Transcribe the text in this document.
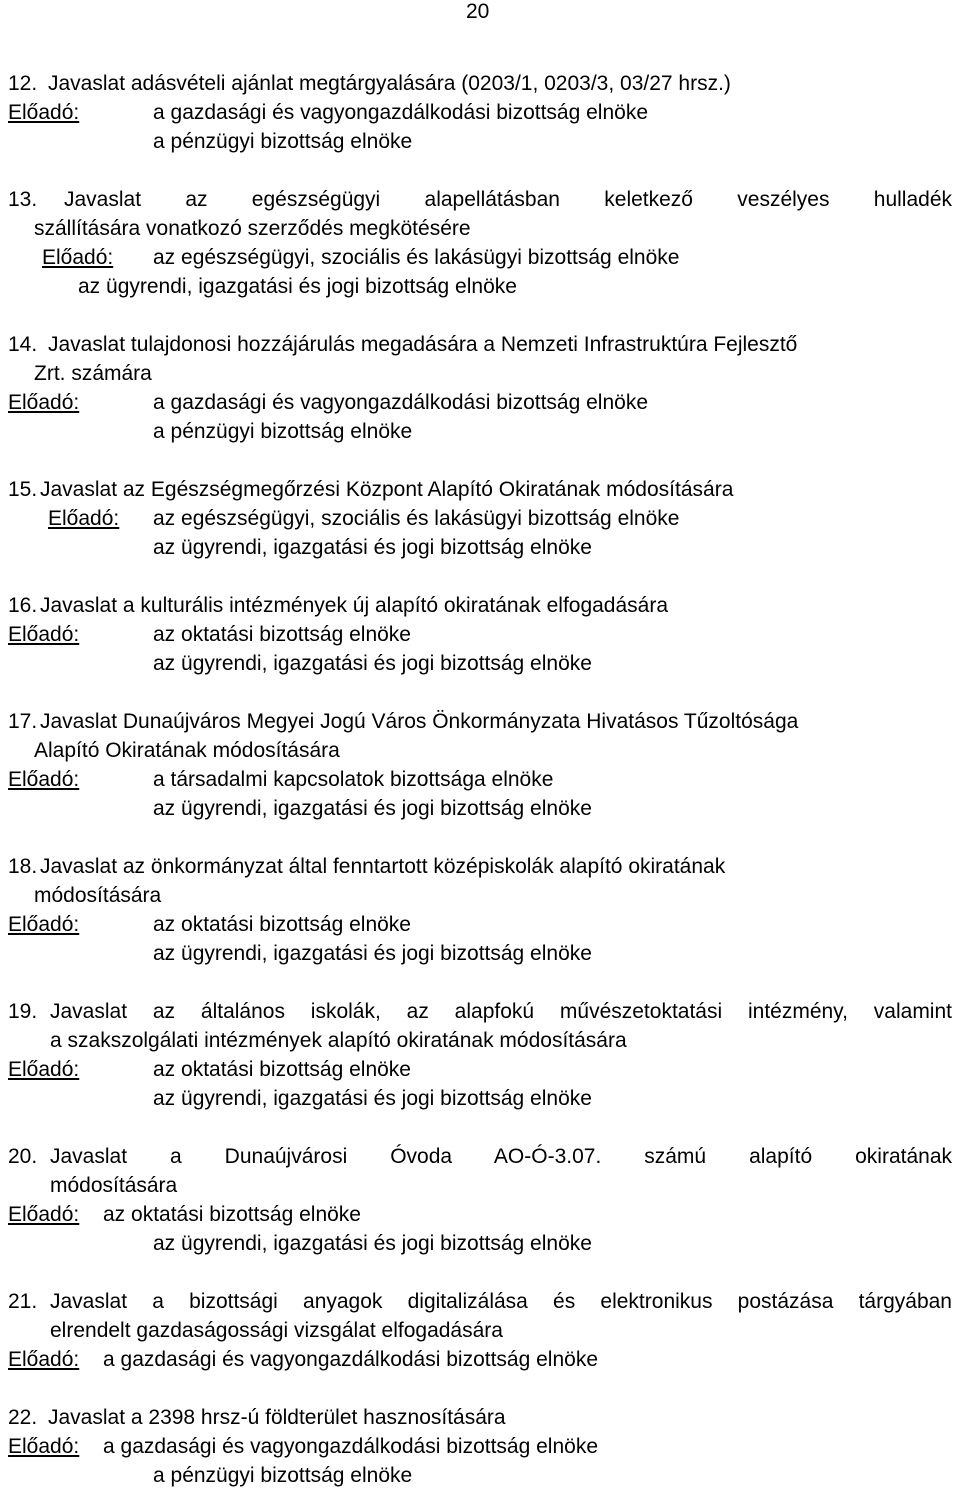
20
12. Javaslat adásvételi ajánlat megtárgyalására (0203/1, 0203/3, 03/27 hrsz.)
Előadó:	a gazdasági és vagyongazdálkodási bizottság elnöke
a pénzügyi bizottság elnöke
13. Javaslat az egészségügyi alapellátásban keletkező veszélyes hulladék
szállítására vonatkozó szerződés megkötésére
Előadó: az egészségügyi, szociális és lakásügyi bizottság elnöke
az ügyrendi, igazgatási és jogi bizottság elnöke
14. Javaslat tulajdonosi hozzájárulás megadására a Nemzeti Infrastruktúra Fejlesztő
Zrt. számára
Előadó:	a gazdasági és vagyongazdálkodási bizottság elnöke
a pénzügyi bizottság elnöke
15. Javaslat az Egészségmegőrzési Központ Alapító Okiratának módosítására
Előadó: az egészségügyi, szociális és lakásügyi bizottság elnöke
az ügyrendi, igazgatási és jogi bizottság elnöke
16. Javaslat a kulturális intézmények új alapító okiratának elfogadására
Előadó:	az oktatási bizottság elnöke
az ügyrendi, igazgatási és jogi bizottság elnöke
17. Javaslat Dunaújváros Megyei Jogú Város Önkormányzata Hivatásos Tűzoltósága
Alapító Okiratának módosítására
Előadó:	a társadalmi kapcsolatok bizottsága elnöke
az ügyrendi, igazgatási és jogi bizottság elnöke
18. Javaslat az önkormányzat által fenntartott középiskolák alapító okiratának
módosítására
Előadó:	az oktatási bizottság elnöke
az ügyrendi, igazgatási és jogi bizottság elnöke
19. Javaslat az általános iskolák, az alapfokú művészetoktatási intézmény, valamint
a szakszolgálati intézmények alapító okiratának módosítására
Előadó:	az oktatási bizottság elnöke
az ügyrendi, igazgatási és jogi bizottság elnöke
20. Javaslat a Dunaújvárosi Óvoda AO-Ó-3.07. számú alapító okiratának
módosítására
Előadó: az oktatási bizottság elnöke
az ügyrendi, igazgatási és jogi bizottság elnöke
21. Javaslat a bizottsági anyagok digitalizálása és elektronikus postázása tárgyában
elrendelt gazdaságossági vizsgálat elfogadására
Előadó: a gazdasági és vagyongazdálkodási bizottság elnöke
22. Javaslat a 2398 hrsz-ú földterület hasznosítására
Előadó: a gazdasági és vagyongazdálkodási bizottság elnöke
a pénzügyi bizottság elnöke
